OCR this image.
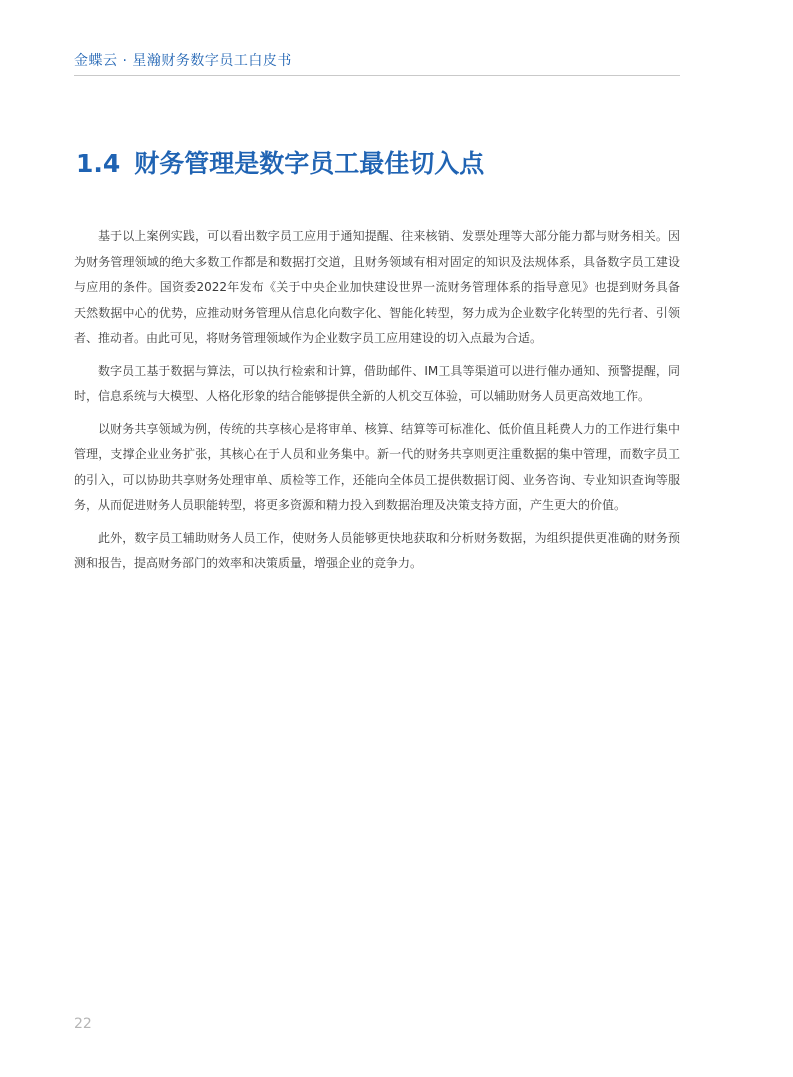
金蝶云 · 星瀚财务数字员工白皮书
1.4 财务管理是数字员工最佳切入点

基于以上案例实践，可以看出数字员工应用于通知提醒、往来核销、发票处理等大部分能力都与财务相关。因为财务管理领域的绝大多数工作都是和数据打交道，且财务领域有相对固定的知识及法规体系，具备数字员工建设与应用的条件。国资委2022年发布《关于中央企业加快建设世界一流财务管理体系的指导意见》也提到财务具备天然数据中心的优势，应推动财务管理从信息化向数字化、智能化转型，努力成为企业数字化转型的先行者、引领者、推动者。由此可见，将财务管理领域作为企业数字员工应用建设的切入点最为合适。

数字员工基于数据与算法，可以执行检索和计算，借助邮件、IM工具等渠道可以进行催办通知、预警提醒，同时，信息系统与大模型、人格化形象的结合能够提供全新的人机交互体验，可以辅助财务人员更高效地工作。

以财务共享领域为例，传统的共享核心是将审单、核算、结算等可标准化、低价值且耗费人力的工作进行集中管理，支撑企业业务扩张，其核心在于人员和业务集中。新一代的财务共享则更注重数据的集中管理，而数字员工的引入，可以协助共享财务处理审单、质检等工作，还能向全体员工提供数据订阅、业务咨询、专业知识查询等服务，从而促进财务人员职能转型，将更多资源和精力投入到数据治理及决策支持方面，产生更大的价值。

此外，数字员工辅助财务人员工作，使财务人员能够更快地获取和分析财务数据，为组织提供更准确的财务预测和报告，提高财务部门的效率和决策质量，增强企业的竞争力。

22
